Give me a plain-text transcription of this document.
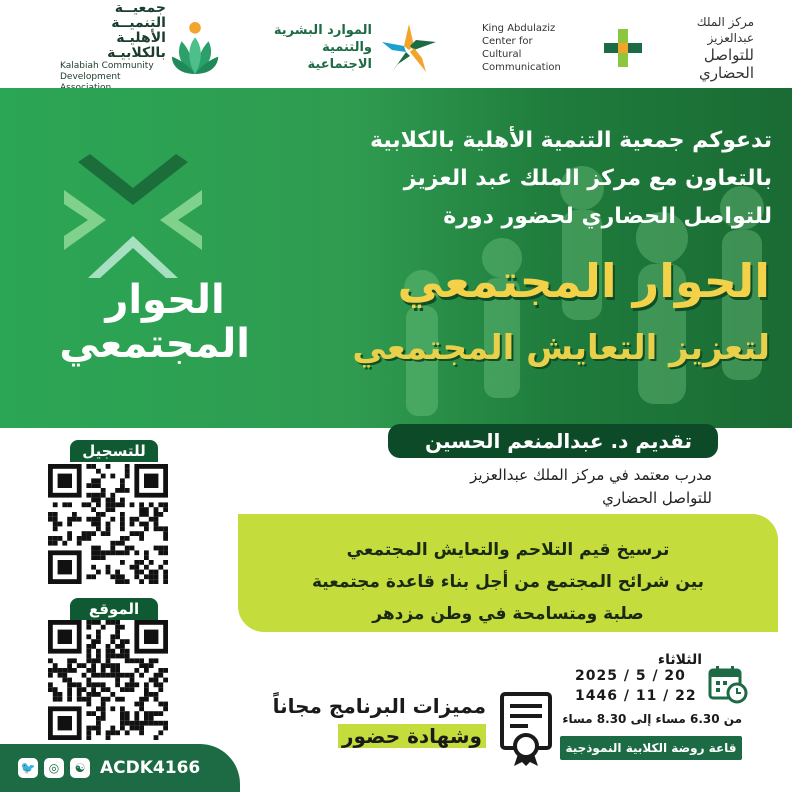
جمعيــة التنميــة
الأهليـة بالكلابيـة
Kalabiah Community
Development
الموارد البشرية
والتنمية الاجتماعية
King Abdulaziz Center for
Cultural Communication
مركز الملك عبدالعزيز
للتواصل الحضاري
الحوار
المجتمعي
تدعوكم جمعية التنمية الأهلية بالكلابية
بالتعاون مع مركز الملك عبد العزيز
للتواصل الحضاري لحضور دورة
الحوار المجتمعي
لتعزيز التعايش المجتمعي
تقديم د. عبدالمنعم الحسين
مدرب معتمد في مركز الملك عبدالعزيز
للتواصل الحضاري
ترسيخ قيم التلاحم والتعايش المجتمعي
بين شرائح المجتمع من أجل بناء قاعدة مجتمعية
صلبة ومتسامحة في وطن مزدهر
للتسجيل
الموقع
الثلاثاء
2025 / 5 / 20
1446 / 11 / 22
من 6.30 مساء إلى 8.30 مساء
قاعة روضة الكلابية النموذجية
مميزات البرنامج مجاناً
وشهادة حضور
🐦	◎	☯ ACDK4166
